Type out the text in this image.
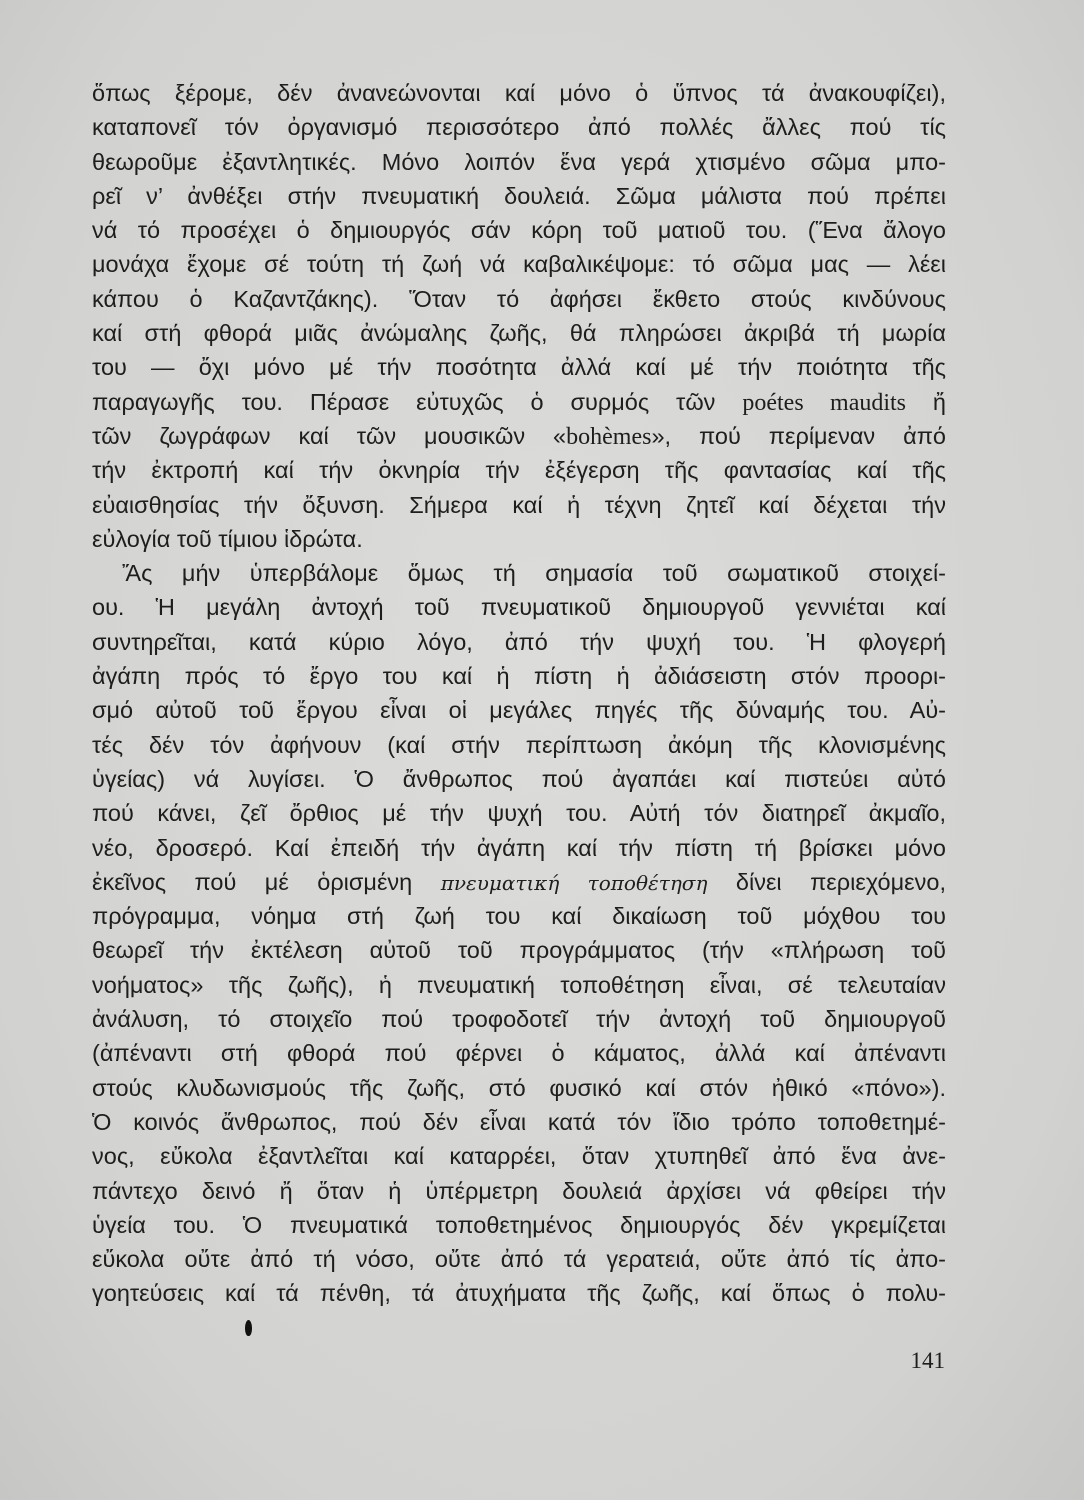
ὅπως ξέρομε, δέν ἀνανεώνονται καί μόνο ὁ ὕπνος τά ἀνακουφίζει),
καταπονεῖ τόν ὀργανισμό περισσότερο ἀπό πολλές ἄλλες πού τίς
θεωροῦμε ἐξαντλητικές. Μόνο λοιπόν ἕνα γερά χτισμένο σῶμα μπο-
ρεῖ ν’ ἀνθέξει στήν πνευματική δουλειά. Σῶμα μάλιστα πού πρέπει
νά τό προσέχει ὁ δημιουργός σάν κόρη τοῦ ματιοῦ του. (Ἕνα ἄλογο
μονάχα ἔχομε σέ τούτη τή ζωή νά καβαλικέψομε: τό σῶμα μας — λέει
κάπου ὁ Καζαντζάκης). Ὅταν τό ἀφήσει ἔκθετο στούς κινδύνους
καί στή φθορά μιᾶς ἀνώμαλης ζωῆς, θά πληρώσει ἀκριβά τή μωρία
του — ὄχι μόνο μέ τήν ποσότητα ἀλλά καί μέ τήν ποιότητα τῆς
παραγωγῆς του. Πέρασε εὐτυχῶς ὁ συρμός τῶν poétes maudits ἤ
τῶν ζωγράφων καί τῶν μουσικῶν «bohèmes», πού περίμεναν ἀπό
τήν ἐκτροπή καί τήν ὀκνηρία τήν ἐξέγερση τῆς φαντασίας καί τῆς
εὐαισθησίας τήν ὄξυνση. Σήμερα καί ἡ τέχνη ζητεῖ καί δέχεται τήν
εὐλογία τοῦ τίμιου ἱδρώτα.
Ἄς μήν ὑπερβάλομε ὅμως τή σημασία τοῦ σωματικοῦ στοιχεί-
ου. Ἡ μεγάλη ἀντοχή τοῦ πνευματικοῦ δημιουργοῦ γεννιέται καί
συντηρεῖται, κατά κύριο λόγο, ἀπό τήν ψυχή του. Ἡ φλογερή
ἀγάπη πρός τό ἔργο του καί ἡ πίστη ἡ ἀδιάσειστη στόν προορι-
σμό αὐτοῦ τοῦ ἔργου εἶναι οἱ μεγάλες πηγές τῆς δύναμής του. Αὐ-
τές δέν τόν ἀφήνουν (καί στήν περίπτωση ἀκόμη τῆς κλονισμένης
ὑγείας) νά λυγίσει. Ὁ ἄνθρωπος πού ἀγαπάει καί πιστεύει αὐτό
πού κάνει, ζεῖ ὄρθιος μέ τήν ψυχή του. Αὐτή τόν διατηρεῖ ἀκμαῖο,
νέο, δροσερό. Καί ἐπειδή τήν ἀγάπη καί τήν πίστη τή βρίσκει μόνο
ἐκεῖνος πού μέ ὁρισμένη πνευματική τοποθέτηση δίνει περιεχόμενο,
πρόγραμμα, νόημα στή ζωή του καί δικαίωση τοῦ μόχθου του
θεωρεῖ τήν ἐκτέλεση αὐτοῦ τοῦ προγράμματος (τήν «πλήρωση τοῦ
νοήματος» τῆς ζωῆς), ἡ πνευματική τοποθέτηση εἶναι, σέ τελευταίαν
ἀνάλυση, τό στοιχεῖο πού τροφοδοτεῖ τήν ἀντοχή τοῦ δημιουργοῦ
(ἀπέναντι στή φθορά πού φέρνει ὁ κάματος, ἀλλά καί ἀπέναντι
στούς κλυδωνισμούς τῆς ζωῆς, στό φυσικό καί στόν ἠθικό «πόνο»).
Ὁ κοινός ἄνθρωπος, πού δέν εἶναι κατά τόν ἴδιο τρόπο τοποθετημέ-
νος, εὔκολα ἐξαντλεῖται καί καταρρέει, ὅταν χτυπηθεῖ ἀπό ἕνα ἀνε-
πάντεχο δεινό ἤ ὅταν ἡ ὑπέρμετρη δουλειά ἀρχίσει νά φθείρει τήν
ὑγεία του. Ὁ πνευματικά τοποθετημένος δημιουργός δέν γκρεμίζεται
εὔκολα οὔτε ἀπό τή νόσο, οὔτε ἀπό τά γερατειά, οὔτε ἀπό τίς ἀπο-
γοητεύσεις καί τά πένθη, τά ἀτυχήματα τῆς ζωῆς, καί ὅπως ὁ πολυ-
141
